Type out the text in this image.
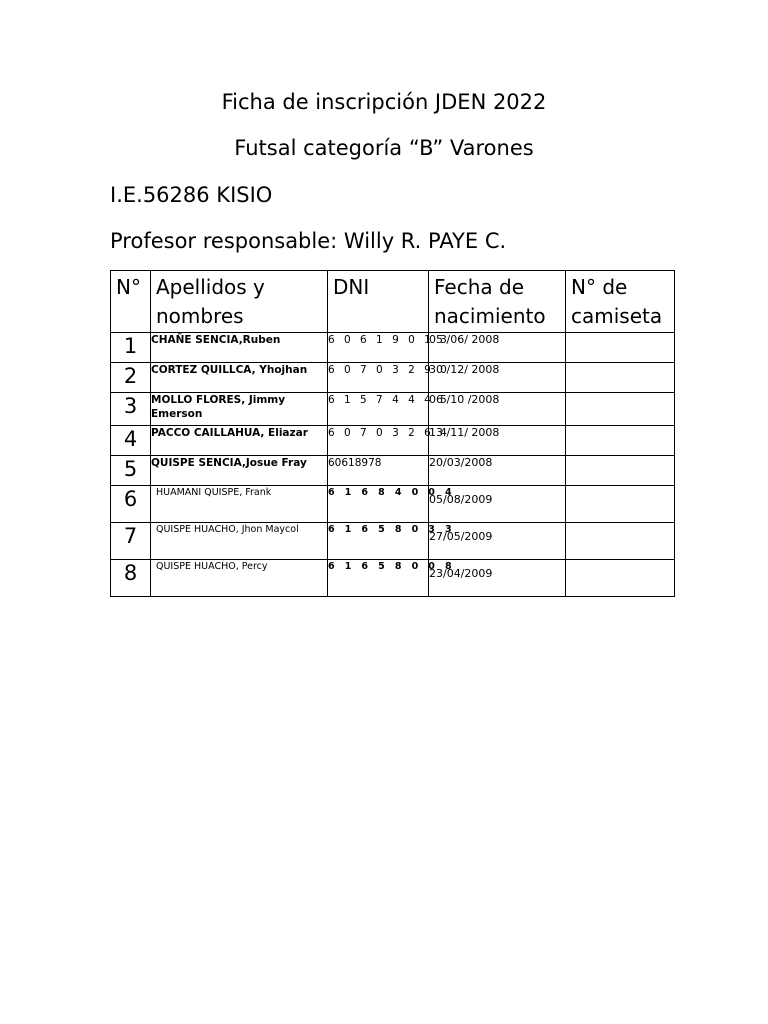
Ficha de inscripción JDEN 2022
Futsal categoría “B” Varones
I.E.56286 KISIO
Profesor responsable: Willy R. PAYE C.
N°	Apellidos y nombres	DNI	Fecha de nacimiento	N° de camiseta
1	CHAÑE SENCIA,Ruben	6 0 6 1 9 0 1 3	05 /06/ 2008	
2	CORTEZ QUILLCA, Yhojhan	6 0 7 0 3 2 9 0	30 /12/ 2008	
3	MOLLO FLORES, Jimmy Emerson	6 1 5 7 4 4 4 5	06 /10 /2008	
4	PACCO CAILLAHUA, Eliazar	6 0 7 0 3 2 6 4	13 /11/ 2008	
5	QUISPE SENCIA,Josue Fray	60618978	20/03/2008	
6	HUAMANI QUISPE, Frank	6 1 6 8 4 0 0 4	05/08/2009	
7	QUISPE HUACHO, Jhon Maycol	6 1 6 5 8 0 3 3	27/05/2009	
8	QUISPE HUACHO, Percy	6 1 6 5 8 0 0 8	23/04/2009	
